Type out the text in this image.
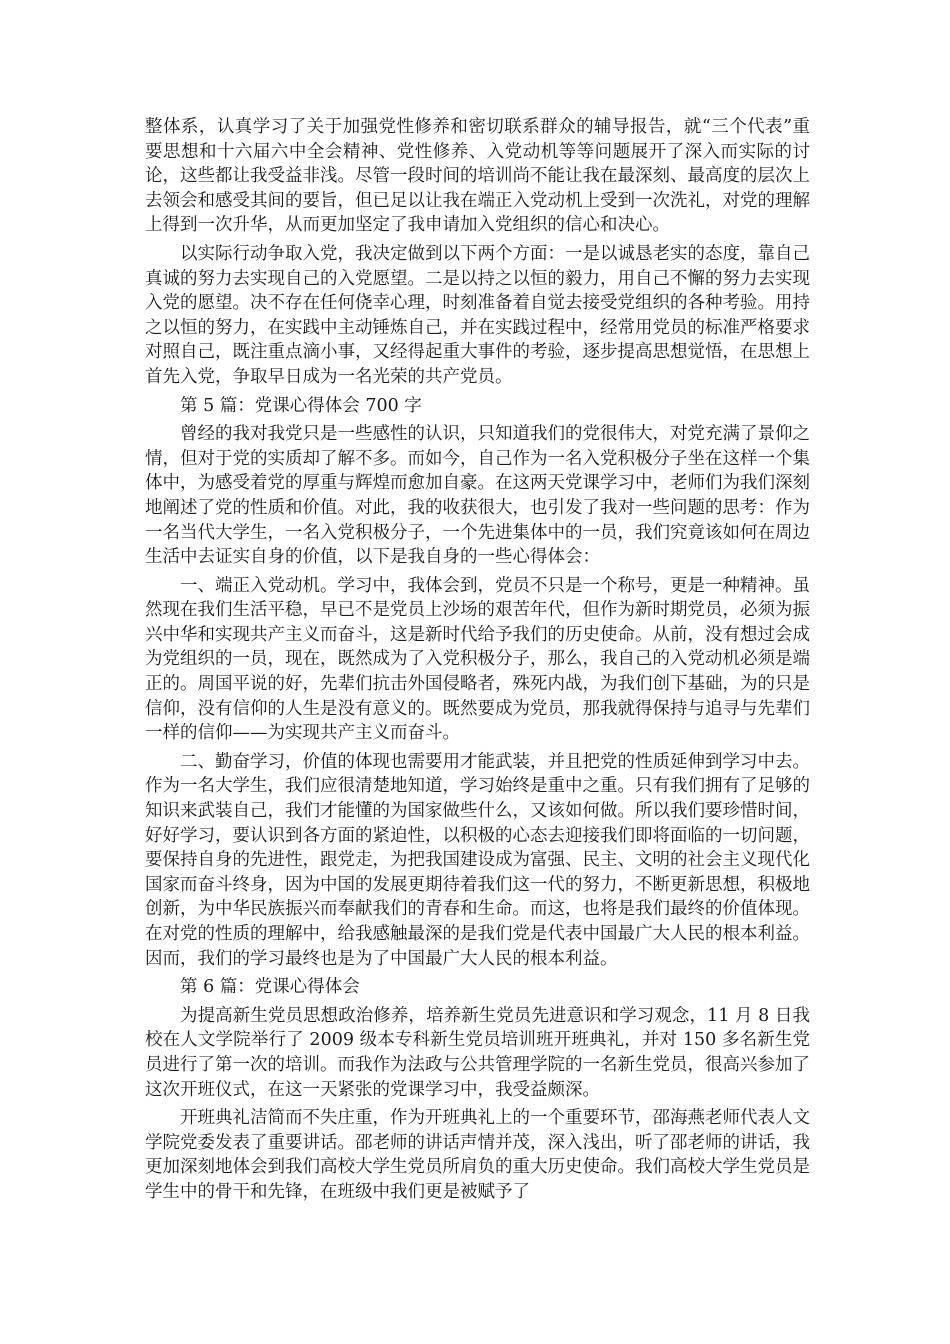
整体系，认真学习了关于加强党性修养和密切联系群众的辅导报告，就“三个代表”重要思想和十六届六中全会精神、党性修养、入党动机等等问题展开了深入而实际的讨论，这些都让我受益非浅。尽管一段时间的培训尚不能让我在最深刻、最高度的层次上去领会和感受其间的要旨，但已足以让我在端正入党动机上受到一次洗礼，对党的理解上得到一次升华，从而更加坚定了我申请加入党组织的信心和决心。

以实际行动争取入党，我决定做到以下两个方面：一是以诚恳老实的态度，靠自己真诚的努力去实现自己的入党愿望。二是以持之以恒的毅力，用自己不懈的努力去实现入党的愿望。决不存在任何侥幸心理，时刻准备着自觉去接受党组织的各种考验。用持之以恒的努力，在实践中主动锤炼自己，并在实践过程中，经常用党员的标准严格要求对照自己，既注重点滴小事，又经得起重大事件的考验，逐步提高思想觉悟，在思想上首先入党，争取早日成为一名光荣的共产党员。

第 5 篇：党课心得体会 700 字

曾经的我对我党只是一些感性的认识，只知道我们的党很伟大，对党充满了景仰之情，但对于党的实质却了解不多。而如今，自己作为一名入党积极分子坐在这样一个集体中，为感受着党的厚重与辉煌而愈加自豪。在这两天党课学习中，老师们为我们深刻地阐述了党的性质和价值。对此，我的收获很大，也引发了我对一些问题的思考：作为一名当代大学生，一名入党积极分子，一个先进集体中的一员，我们究竟该如何在周边生活中去证实自身的价值，以下是我自身的一些心得体会：

一、端正入党动机。学习中，我体会到，党员不只是一个称号，更是一种精神。虽然现在我们生活平稳，早已不是党员上沙场的艰苦年代，但作为新时期党员，必须为振兴中华和实现共产主义而奋斗，这是新时代给予我们的历史使命。从前，没有想过会成为党组织的一员，现在，既然成为了入党积极分子，那么，我自己的入党动机必须是端正的。周国平说的好，先辈们抗击外国侵略者，殊死内战，为我们创下基础，为的只是信仰，没有信仰的人生是没有意义的。既然要成为党员，那我就得保持与追寻与先辈们一样的信仰——为实现共产主义而奋斗。

二、勤奋学习，价值的体现也需要用才能武装，并且把党的性质延伸到学习中去。作为一名大学生，我们应很清楚地知道，学习始终是重中之重。只有我们拥有了足够的知识来武装自己，我们才能懂的为国家做些什么，又该如何做。所以我们要珍惜时间，好好学习，要认识到各方面的紧迫性，以积极的心态去迎接我们即将面临的一切问题，要保持自身的先进性，跟党走，为把我国建设成为富强、民主、文明的社会主义现代化国家而奋斗终身，因为中国的发展更期待着我们这一代的努力，不断更新思想，积极地创新，为中华民族振兴而奉献我们的青春和生命。而这，也将是我们最终的价值体现。在对党的性质的理解中，给我感触最深的是我们党是代表中国最广大人民的根本利益。因而，我们的学习最终也是为了中国最广大人民的根本利益。

第 6 篇：党课心得体会

为提高新生党员思想政治修养，培养新生党员先进意识和学习观念，11 月 8 日我校在人文学院举行了 2009 级本专科新生党员培训班开班典礼，并对 150 多名新生党员进行了第一次的培训。而我作为法政与公共管理学院的一名新生党员，很高兴参加了这次开班仪式，在这一天紧张的党课学习中，我受益颇深。

开班典礼洁简而不失庄重，作为开班典礼上的一个重要环节，邵海燕老师代表人文学院党委发表了重要讲话。邵老师的讲话声情并茂，深入浅出，听了邵老师的讲话，我更加深刻地体会到我们高校大学生党员所肩负的重大历史使命。我们高校大学生党员是学生中的骨干和先锋，在班级中我们更是被赋予了
